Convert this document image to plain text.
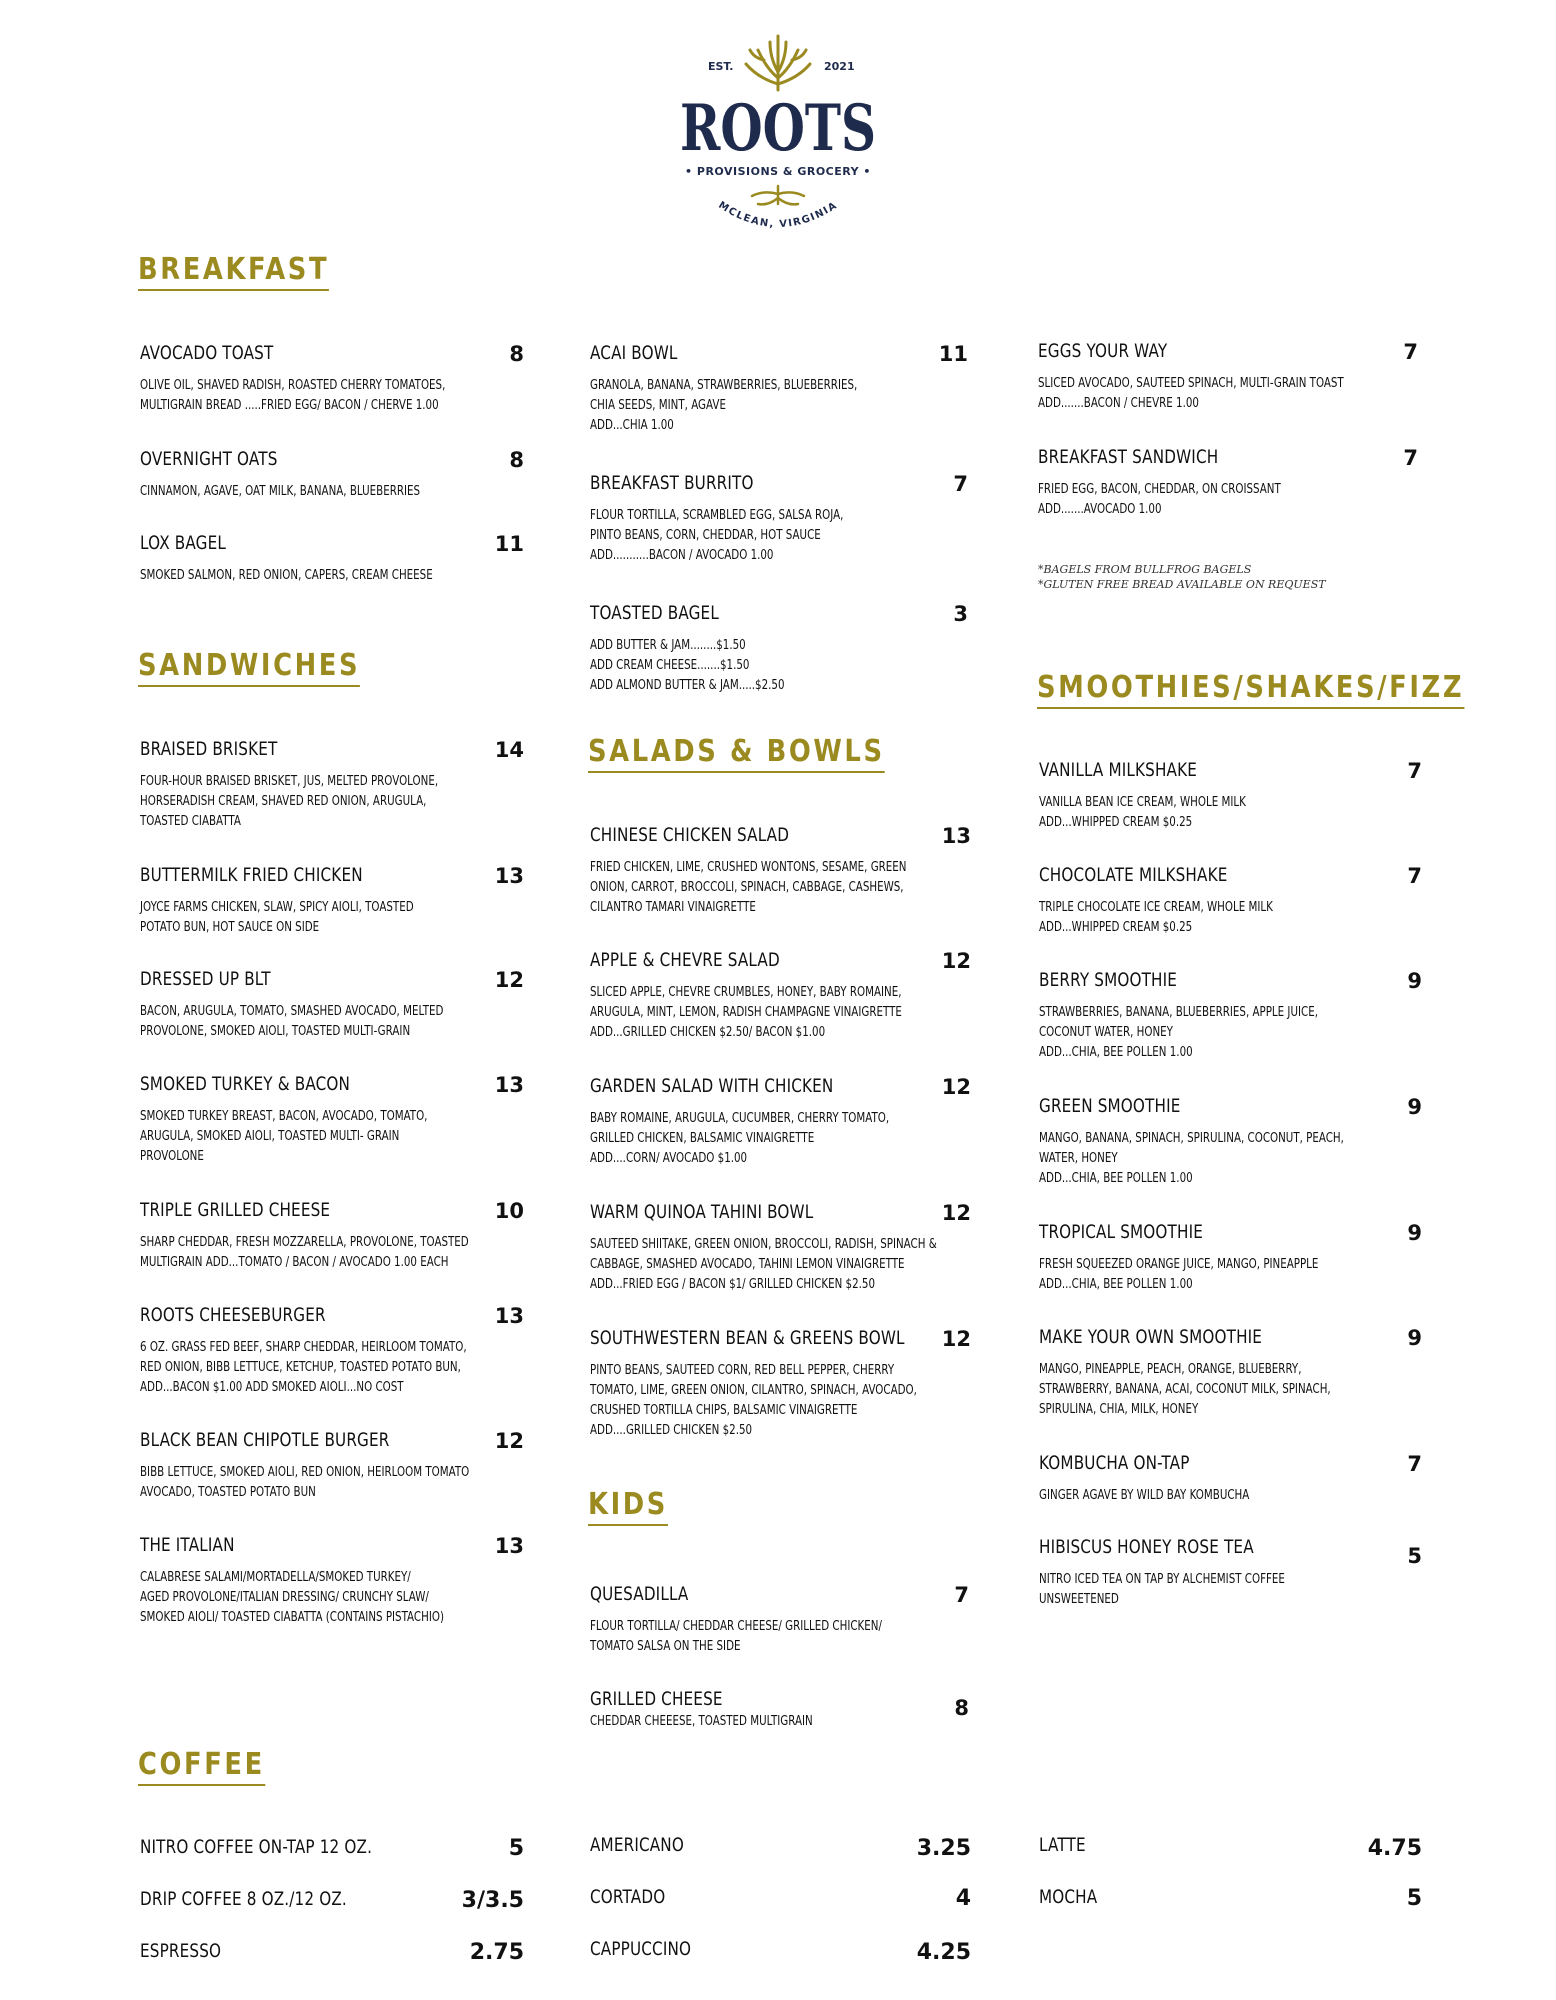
EST.	2021
ROOTS
• PROVISIONS & GROCERY •
MCLEAN, VIRGINIA
BREAKFAST
SANDWICHES
SALADS & BOWLS
KIDS
SMOOTHIES/SHAKES/FIZZ
COFFEE
AVOCADO TOAST	8
OLIVE OIL, SHAVED RADISH, ROASTED CHERRY TOMATOES,
MULTIGRAIN BREAD .....FRIED EGG/ BACON / CHERVE 1.00
OVERNIGHT OATS	8
CINNAMON, AGAVE, OAT MILK, BANANA, BLUEBERRIES
LOX BAGEL	11
SMOKED SALMON, RED ONION, CAPERS, CREAM CHEESE
ACAI BOWL	11
GRANOLA, BANANA, STRAWBERRIES, BLUEBERRIES,
CHIA SEEDS, MINT, AGAVE
ADD...CHIA 1.00
BREAKFAST BURRITO	7
FLOUR TORTILLA, SCRAMBLED EGG, SALSA ROJA,
PINTO BEANS, CORN, CHEDDAR, HOT SAUCE
ADD...........BACON / AVOCADO 1.00
TOASTED BAGEL	3
ADD BUTTER & JAM........$1.50
ADD CREAM CHEESE.......$1.50
ADD ALMOND BUTTER & JAM.....$2.50
EGGS YOUR WAY	7
SLICED AVOCADO, SAUTEED SPINACH, MULTI-GRAIN TOAST
ADD.......BACON / CHEVRE 1.00
BREAKFAST SANDWICH	7
FRIED EGG, BACON, CHEDDAR, ON CROISSANT
ADD.......AVOCADO 1.00
*BAGELS FROM BULLFROG BAGELS
*GLUTEN FREE BREAD AVAILABLE ON REQUEST
BRAISED BRISKET	14
FOUR-HOUR BRAISED BRISKET, JUS, MELTED PROVOLONE,
HORSERADISH CREAM, SHAVED RED ONION, ARUGULA,
TOASTED CIABATTA
BUTTERMILK FRIED CHICKEN	13
JOYCE FARMS CHICKEN, SLAW, SPICY AIOLI, TOASTED
POTATO BUN, HOT SAUCE ON SIDE
DRESSED UP BLT	12
BACON, ARUGULA, TOMATO, SMASHED AVOCADO, MELTED
PROVOLONE, SMOKED AIOLI, TOASTED MULTI-GRAIN
SMOKED TURKEY & BACON	13
SMOKED TURKEY BREAST, BACON, AVOCADO, TOMATO,
ARUGULA, SMOKED AIOLI, TOASTED MULTI- GRAIN
PROVOLONE
TRIPLE GRILLED CHEESE	10
SHARP CHEDDAR, FRESH MOZZARELLA, PROVOLONE, TOASTED
MULTIGRAIN ADD...TOMATO / BACON / AVOCADO 1.00 EACH
ROOTS CHEESEBURGER	13
6 OZ. GRASS FED BEEF, SHARP CHEDDAR, HEIRLOOM TOMATO,
RED ONION, BIBB LETTUCE, KETCHUP, TOASTED POTATO BUN,
ADD...BACON $1.00 ADD SMOKED AIOLI...NO COST
BLACK BEAN CHIPOTLE BURGER	12
BIBB LETTUCE, SMOKED AIOLI, RED ONION, HEIRLOOM TOMATO
AVOCADO, TOASTED POTATO BUN
THE ITALIAN	13
CALABRESE SALAMI/MORTADELLA/SMOKED TURKEY/
AGED PROVOLONE/ITALIAN DRESSING/ CRUNCHY SLAW/
SMOKED AIOLI/ TOASTED CIABATTA (CONTAINS PISTACHIO)
CHINESE CHICKEN SALAD	13
FRIED CHICKEN, LIME, CRUSHED WONTONS, SESAME, GREEN
ONION, CARROT, BROCCOLI, SPINACH, CABBAGE, CASHEWS,
CILANTRO TAMARI VINAIGRETTE
APPLE & CHEVRE SALAD	12
SLICED APPLE, CHEVRE CRUMBLES, HONEY, BABY ROMAINE,
ARUGULA, MINT, LEMON, RADISH CHAMPAGNE VINAIGRETTE
ADD...GRILLED CHICKEN $2.50/ BACON $1.00
GARDEN SALAD WITH CHICKEN	12
BABY ROMAINE, ARUGULA, CUCUMBER, CHERRY TOMATO,
GRILLED CHICKEN, BALSAMIC VINAIGRETTE
ADD....CORN/ AVOCADO $1.00
WARM QUINOA TAHINI BOWL	12
SAUTEED SHIITAKE, GREEN ONION, BROCCOLI, RADISH, SPINACH &
CABBAGE, SMASHED AVOCADO, TAHINI LEMON VINAIGRETTE
ADD...FRIED EGG / BACON $1/ GRILLED CHICKEN $2.50
SOUTHWESTERN BEAN & GREENS BOWL 12
PINTO BEANS, SAUTEED CORN, RED BELL PEPPER, CHERRY
TOMATO, LIME, GREEN ONION, CILANTRO, SPINACH, AVOCADO,
CRUSHED TORTILLA CHIPS, BALSAMIC VINAIGRETTE
ADD....GRILLED CHICKEN $2.50
QUESADILLA	7
FLOUR TORTILLA/ CHEDDAR CHEESE/ GRILLED CHICKEN/
TOMATO SALSA ON THE SIDE
GRILLED CHEESE	8
CHEDDAR CHEEESE, TOASTED MULTIGRAIN
VANILLA MILKSHAKE	7
VANILLA BEAN ICE CREAM, WHOLE MILK
ADD...WHIPPED CREAM $0.25
CHOCOLATE MILKSHAKE	7
TRIPLE CHOCOLATE ICE CREAM, WHOLE MILK
ADD...WHIPPED CREAM $0.25
BERRY SMOOTHIE	9
STRAWBERRIES, BANANA, BLUEBERRIES, APPLE JUICE,
COCONUT WATER, HONEY
ADD...CHIA, BEE POLLEN 1.00
GREEN SMOOTHIE	9
MANGO, BANANA, SPINACH, SPIRULINA, COCONUT, PEACH,
WATER, HONEY
ADD...CHIA, BEE POLLEN 1.00
TROPICAL SMOOTHIE	9
FRESH SQUEEZED ORANGE JUICE, MANGO, PINEAPPLE
ADD...CHIA, BEE POLLEN 1.00
MAKE YOUR OWN SMOOTHIE	9
MANGO, PINEAPPLE, PEACH, ORANGE, BLUEBERRY,
STRAWBERRY, BANANA, ACAI, COCONUT MILK, SPINACH,
SPIRULINA, CHIA, MILK, HONEY
KOMBUCHA ON-TAP	7
GINGER AGAVE BY WILD BAY KOMBUCHA
HIBISCUS HONEY ROSE TEA	5
NITRO ICED TEA ON TAP BY ALCHEMIST COFFEE
UNSWEETENED
NITRO COFFEE ON-TAP 12 OZ.	5
DRIP COFFEE 8 OZ./12 OZ.	3/3.5
ESPRESSO	2.75
AMERICANO	3.25
CORTADO	4
CAPPUCCINO	4.25
LATTE	4.75
MOCHA	5
